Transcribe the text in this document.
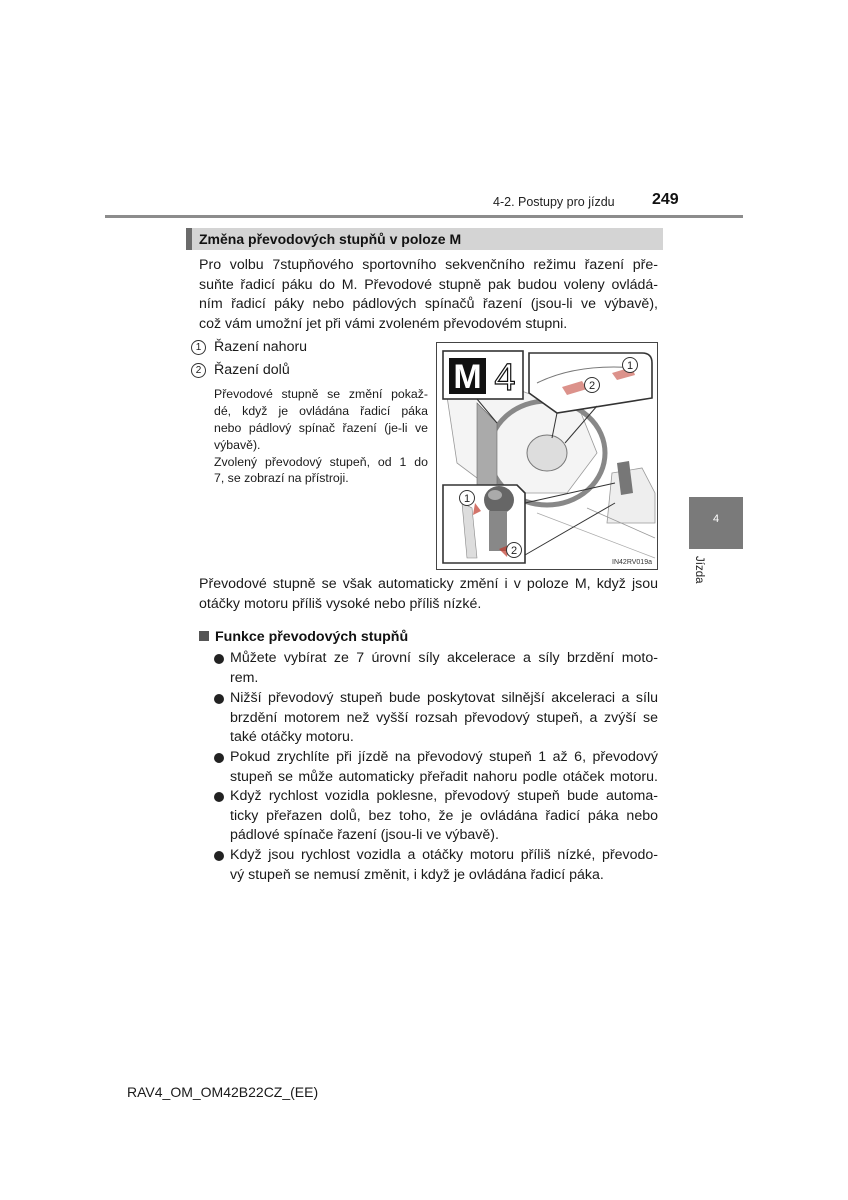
4-2. Postupy pro jízdu 249
4
Jízda
Změna převodových stupňů v poloze M
Pro volbu 7stupňového sportovního sekvenčního režimu řazení pře-
suňte řadicí páku do M. Převodové stupně pak budou voleny ovládá-
ním řadicí páky nebo pádlových spínačů řazení (jsou-li ve výbavě),
což vám umožní jet při vámi zvoleném převodovém stupni.
1 Řazení nahoru
2 Řazení dolů
Převodové stupně se změní pokaž-
dé, když je ovládána řadicí páka
nebo pádlový spínač řazení (je-li ve
výbavě).
Zvolený převodový stupeň, od 1 do
7, se zobrazí na přístroji.
M 4	2
1
1
2
IN42RV019a
Převodové stupně se však automaticky změní i v poloze M, když jsou
otáčky motoru příliš vysoké nebo příliš nízké.
Funkce převodových stupňů
Můžete vybírat ze 7 úrovní síly akcelerace a síly brzdění moto-
rem.
Nižší převodový stupeň bude poskytovat silnější akceleraci a sílu
brzdění motorem než vyšší rozsah převodový stupeň, a zvýší se
také otáčky motoru.
Pokud zrychlíte při jízdě na převodový stupeň 1 až 6, převodový
stupeň se může automaticky přeřadit nahoru podle otáček motoru.
Když rychlost vozidla poklesne, převodový stupeň bude automa-
ticky přeřazen dolů, bez toho, že je ovládána řadicí páka nebo
pádlové spínače řazení (jsou-li ve výbavě).
Když jsou rychlost vozidla a otáčky motoru příliš nízké, převodo-
vý stupeň se nemusí změnit, i když je ovládána řadicí páka.
RAV4_OM_OM42B22CZ_(EE)
